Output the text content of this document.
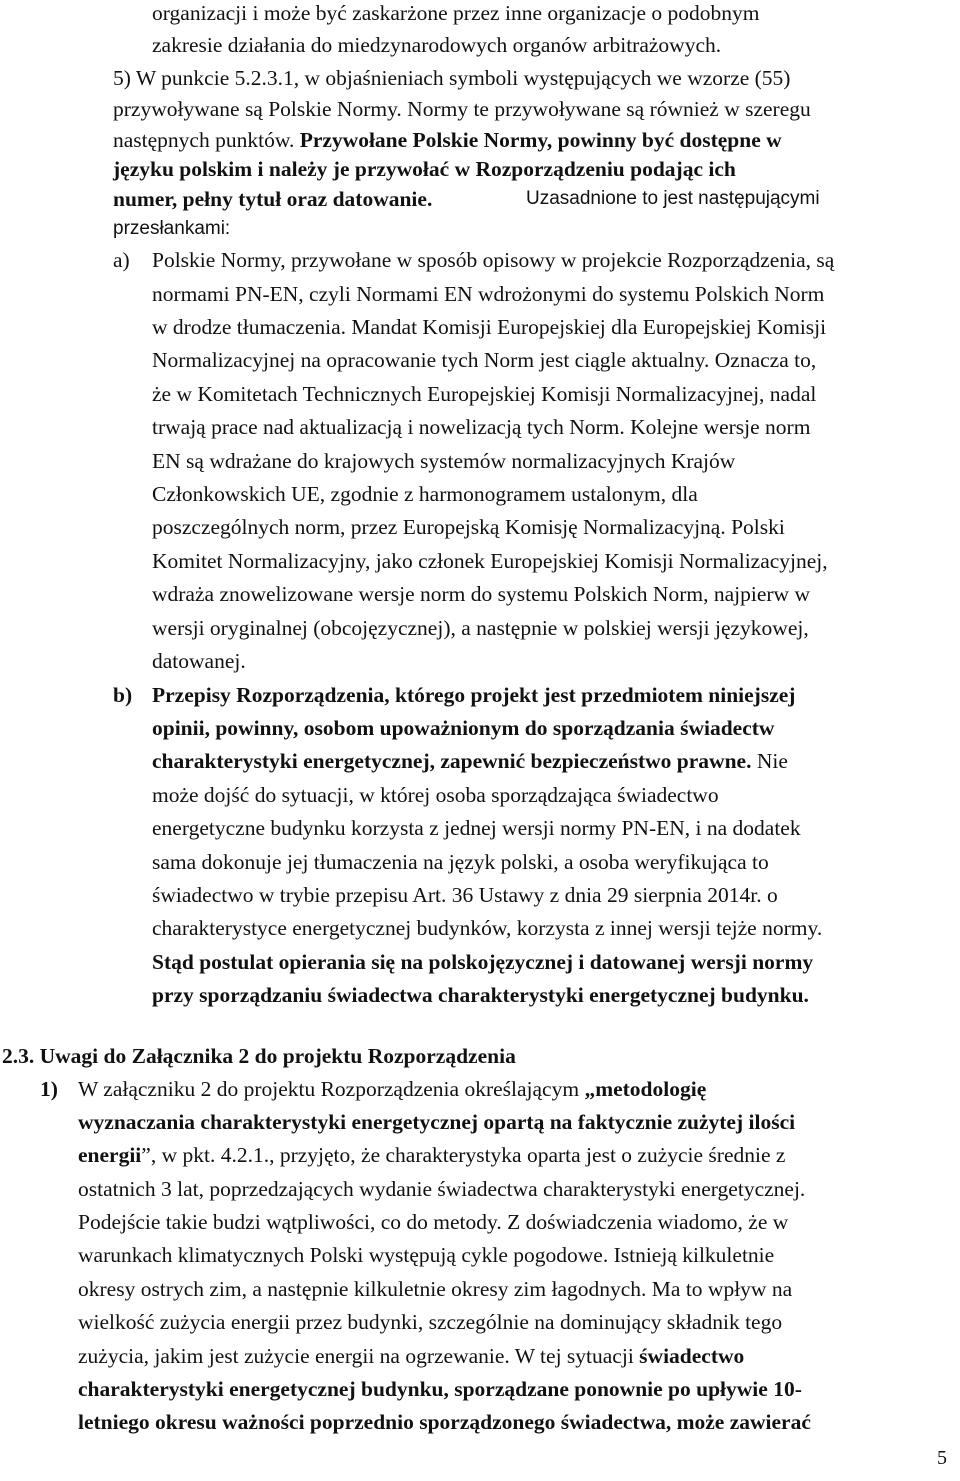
organizacji i może być zaskarżone przez inne organizacje o podobnym
zakresie działania do miedzynarodowych organów arbitrażowych.
5) W punkcie 5.2.3.1, w objaśnieniach symboli występujących we wzorze (55)
przywoływane są Polskie Normy. Normy te przywoływane są również w szeregu
następnych punktów. Przywołane Polskie Normy, powinny być dostępne w
języku polskim i należy je przywołać w Rozporządzeniu podając ich
numer, pełny tytuł oraz datowanie.	Uzasadnione to jest następującymi
przesłankami:
a) Polskie Normy, przywołane w sposób opisowy w projekcie Rozporządzenia, są
normami PN-EN, czyli Normami EN wdrożonymi do systemu Polskich Norm
w drodze tłumaczenia. Mandat Komisji Europejskiej dla Europejskiej Komisji
Normalizacyjnej na opracowanie tych Norm jest ciągle aktualny. Oznacza to,
że w Komitetach Technicznych Europejskiej Komisji Normalizacyjnej, nadal
trwają prace nad aktualizacją i nowelizacją tych Norm. Kolejne wersje norm
EN są wdrażane do krajowych systemów normalizacyjnych Krajów
Członkowskich UE, zgodnie z harmonogramem ustalonym, dla
poszczególnych norm, przez Europejską Komisję Normalizacyjną. Polski
Komitet Normalizacyjny, jako członek Europejskiej Komisji Normalizacyjnej,
wdraża znowelizowane wersje norm do systemu Polskich Norm, najpierw w
wersji oryginalnej (obcojęzycznej), a następnie w polskiej wersji językowej,
datowanej.
b) Przepisy Rozporządzenia, którego projekt jest przedmiotem niniejszej
opinii, powinny, osobom upoważnionym do sporządzania świadectw
charakterystyki energetycznej, zapewnić bezpieczeństwo prawne. Nie
może dojść do sytuacji, w której osoba sporządzająca świadectwo
energetyczne budynku korzysta z jednej wersji normy PN-EN, i na dodatek
sama dokonuje jej tłumaczenia na język polski, a osoba weryfikująca to
świadectwo w trybie przepisu Art. 36 Ustawy z dnia 29 sierpnia 2014r. o
charakterystyce energetycznej budynków, korzysta z innej wersji tejże normy.
Stąd postulat opierania się na polskojęzycznej i datowanej wersji normy
przy sporządzaniu świadectwa charakterystyki energetycznej budynku.
2.3. Uwagi do Załącznika 2 do projektu Rozporządzenia
1) W załączniku 2 do projektu Rozporządzenia określającym „metodologię
wyznaczania charakterystyki energetycznej opartą na faktycznie zużytej ilości
energii”, w pkt. 4.2.1., przyjęto, że charakterystyka oparta jest o zużycie średnie z
ostatnich 3 lat, poprzedzających wydanie świadectwa charakterystyki energetycznej.
Podejście takie budzi wątpliwości, co do metody. Z doświadczenia wiadomo, że w
warunkach klimatycznych Polski występują cykle pogodowe. Istnieją kilkuletnie
okresy ostrych zim, a następnie kilkuletnie okresy zim łagodnych. Ma to wpływ na
wielkość zużycia energii przez budynki, szczególnie na dominujący składnik tego
zużycia, jakim jest zużycie energii na ogrzewanie. W tej sytuacji świadectwo
charakterystyki energetycznej budynku, sporządzane ponownie po upływie 10-
letniego okresu ważności poprzednio sporządzonego świadectwa, może zawierać
5
